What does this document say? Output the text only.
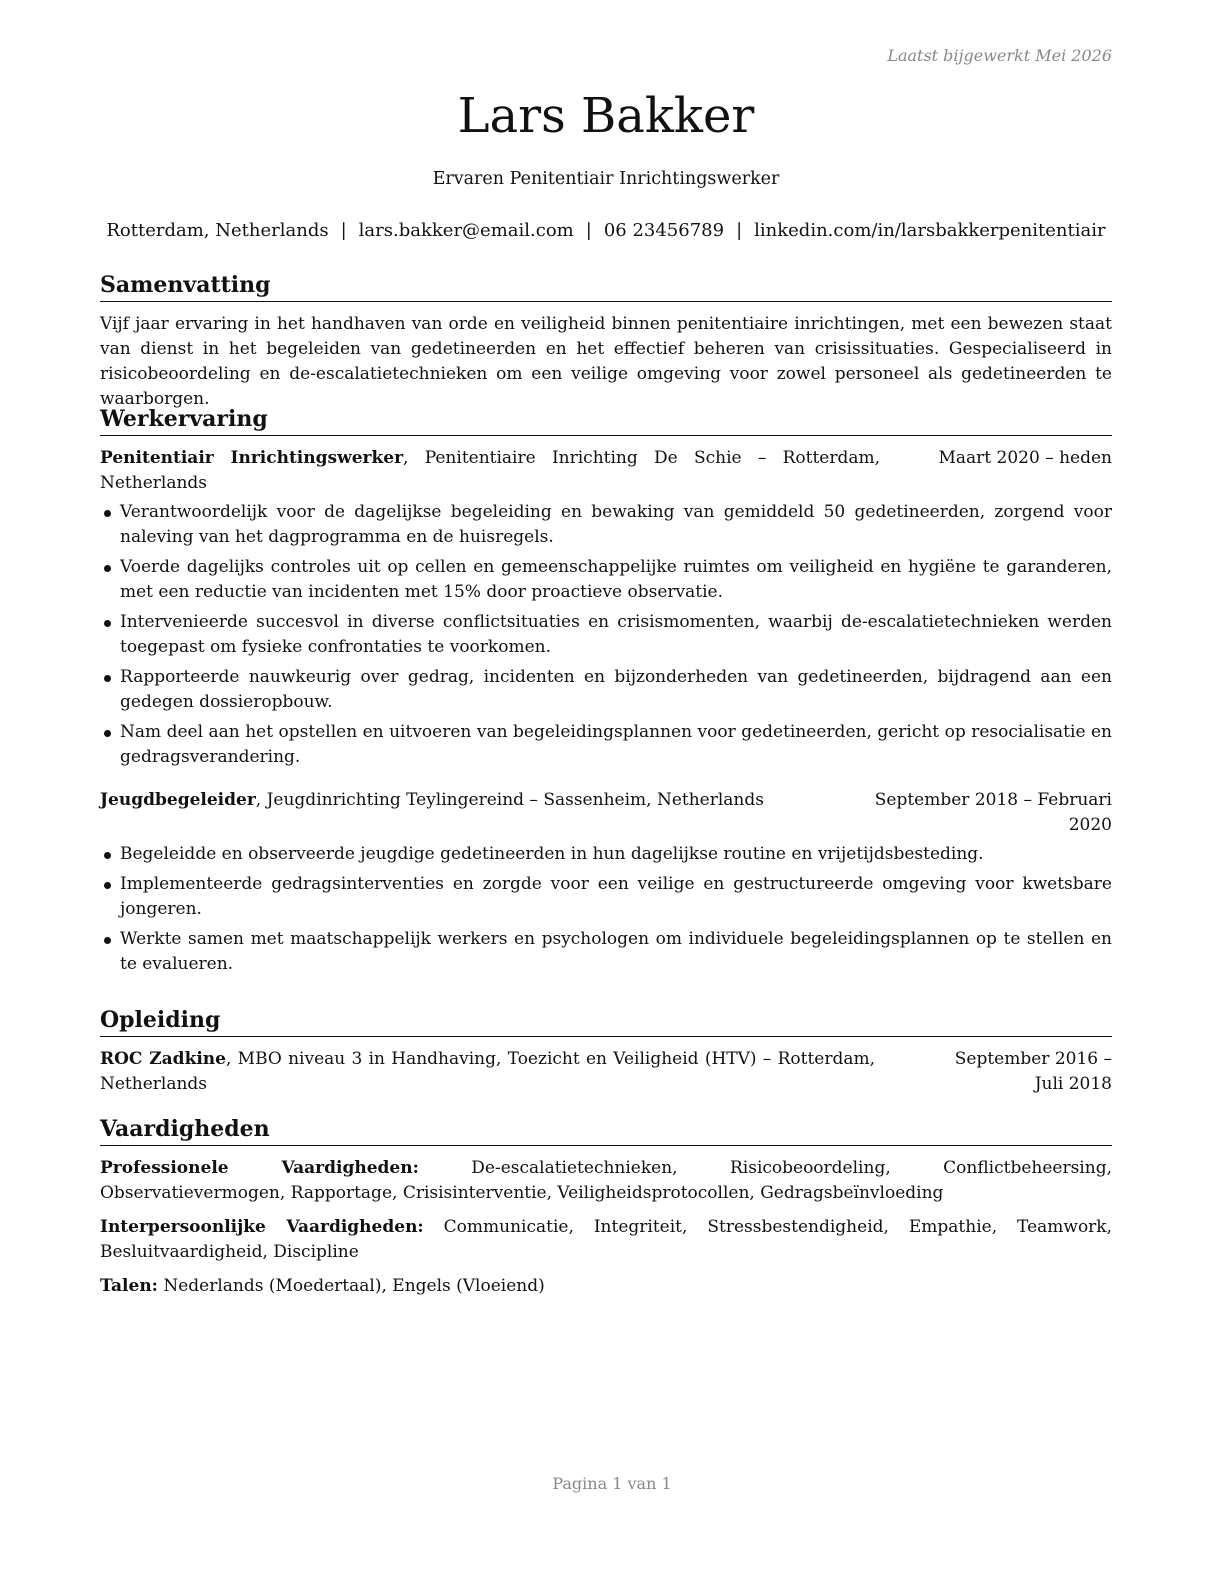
Laatst bijgewerkt Mei 2026
Lars Bakker
Ervaren Penitentiair Inrichtingswerker
Rotterdam, Netherlands | lars.bakker@email.com | 06 23456789 | linkedin.com/in/larsbakkerpenitentiair
Samenvatting

Vijf jaar ervaring in het handhaven van orde en veiligheid binnen penitentiaire inrichtingen, met een bewezen staat van dienst in het begeleiden van gedetineerden en het effectief beheren van crisissituaties. Gespecialiseerd in risicobeoordeling en de-escalatietechnieken om een veilige omgeving voor zowel personeel als gedetineerden te waarborgen.

Werkervaring
Penitentiair Inrichtingswerker, Penitentiaire Inrichting De Schie – Rotterdam, Netherlands
Maart 2020 – heden
Verantwoordelijk voor de dagelijkse begeleiding en bewaking van gemiddeld 50 gedetineerden, zorgend voor naleving van het dagprogramma en de huisregels.
Voerde dagelijks controles uit op cellen en gemeenschappelijke ruimtes om veiligheid en hygiëne te garanderen, met een reductie van incidenten met 15% door proactieve observatie.
Intervenieerde succesvol in diverse conflictsituaties en crisismomenten, waarbij de-escalatietechnieken werden toegepast om fysieke confrontaties te voorkomen.
Rapporteerde nauwkeurig over gedrag, incidenten en bijzonderheden van gedetineerden, bijdragend aan een gedegen dossieropbouw.
Nam deel aan het opstellen en uitvoeren van begeleidingsplannen voor gedetineerden, gericht op resocialisatie en gedragsverandering.
Jeugdbegeleider, Jeugdinrichting Teylingereind – Sassenheim, Netherlands	September 2018 – Februari 2020
Begeleidde en observeerde jeugdige gedetineerden in hun dagelijkse routine en vrijetijdsbesteding.
Implementeerde gedragsinterventies en zorgde voor een veilige en gestructureerde omgeving voor kwetsbare jongeren.
Werkte samen met maatschappelijk werkers en psychologen om individuele begeleidingsplannen op te stellen en te evalueren.
Opleiding
ROC Zadkine, MBO niveau 3 in Handhaving, Toezicht en Veiligheid (HTV) – Rotterdam, Netherlands
September 2016 – Juli 2018
Vaardigheden

Professionele Vaardigheden:	De-escalatietechnieken, Risicobeoordeling, Conflictbeheersing, Observatievermogen, Rapportage, Crisisinterventie, Veiligheidsprotocollen, Gedragsbeïnvloeding

Interpersoonlijke Vaardigheden: Communicatie, Integriteit, Stressbestendigheid, Empathie, Teamwork, Besluitvaardigheid, Discipline

Talen: Nederlands (Moedertaal), Engels (Vloeiend)

Pagina 1 van 1
